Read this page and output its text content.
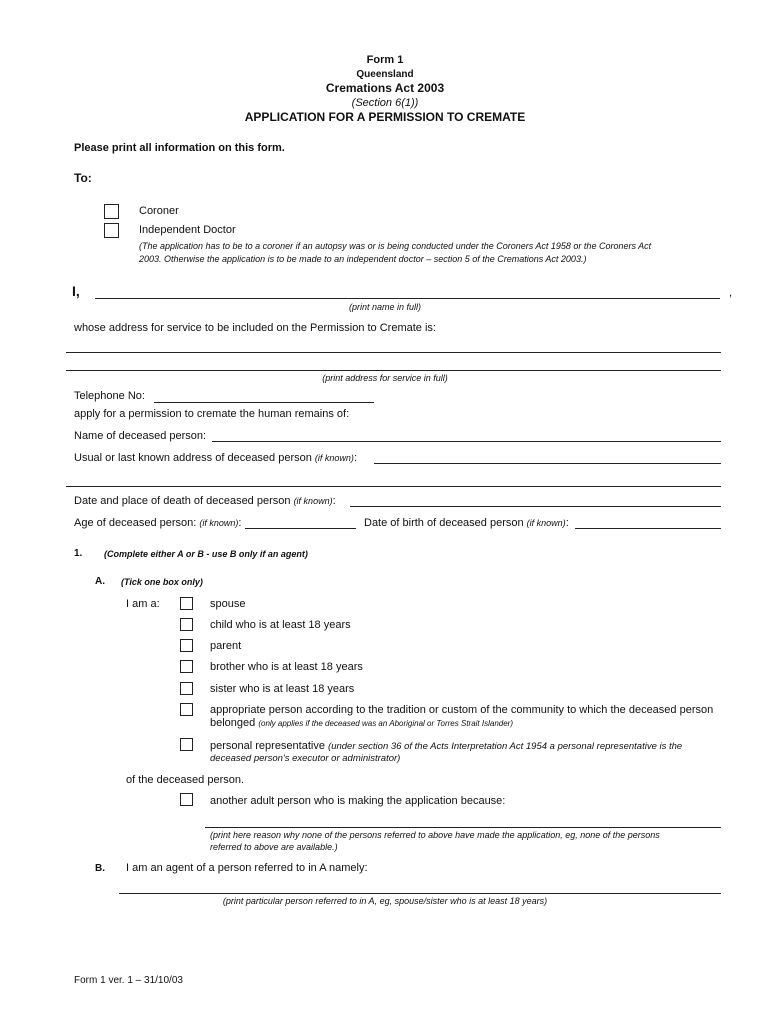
Form 1
Queensland
Cremations Act 2003
(Section 6(1))
APPLICATION FOR A PERMISSION TO CREMATE
Please print all information on this form.
To:
Coroner
Independent Doctor
(The application has to be to a coroner if an autopsy was or is being conducted under the Coroners Act 1958 or the Coroners Act
2003. Otherwise the application is to be made to an independent doctor – section 5 of the Cremations Act 2003.)
I,	,
(print name in full)
whose address for service to be included on the Permission to Cremate is:
(print address for service in full)
Telephone No:
apply for a permission to cremate the human remains of:
Name of deceased person:
Usual or last known address of deceased person (if known):
Date and place of death of deceased person (if known):
Age of deceased person: (if known):	Date of birth of deceased person (if known):
1. (Complete either A or B - use B only if an agent)
A. (Tick one box only)
I am a:	spouse
child who is at least 18 years
parent
brother who is at least 18 years
sister who is at least 18 years
appropriate person according to the tradition or custom of the community to which the deceased person
belonged (only applies if the deceased was an Aboriginal or Torres Strait Islander)
personal representative (under section 36 of the Acts Interpretation Act 1954 a personal representative is the
deceased person's executor or administrator)
of the deceased person.
another adult person who is making the application because:
(print here reason why none of the persons referred to above have made the application, eg, none of the persons
referred to above are available.)
B. I am an agent of a person referred to in A namely:
(print particular person referred to in A, eg, spouse/sister who is at least 18 years)
Form 1 ver. 1 – 31/10/03
